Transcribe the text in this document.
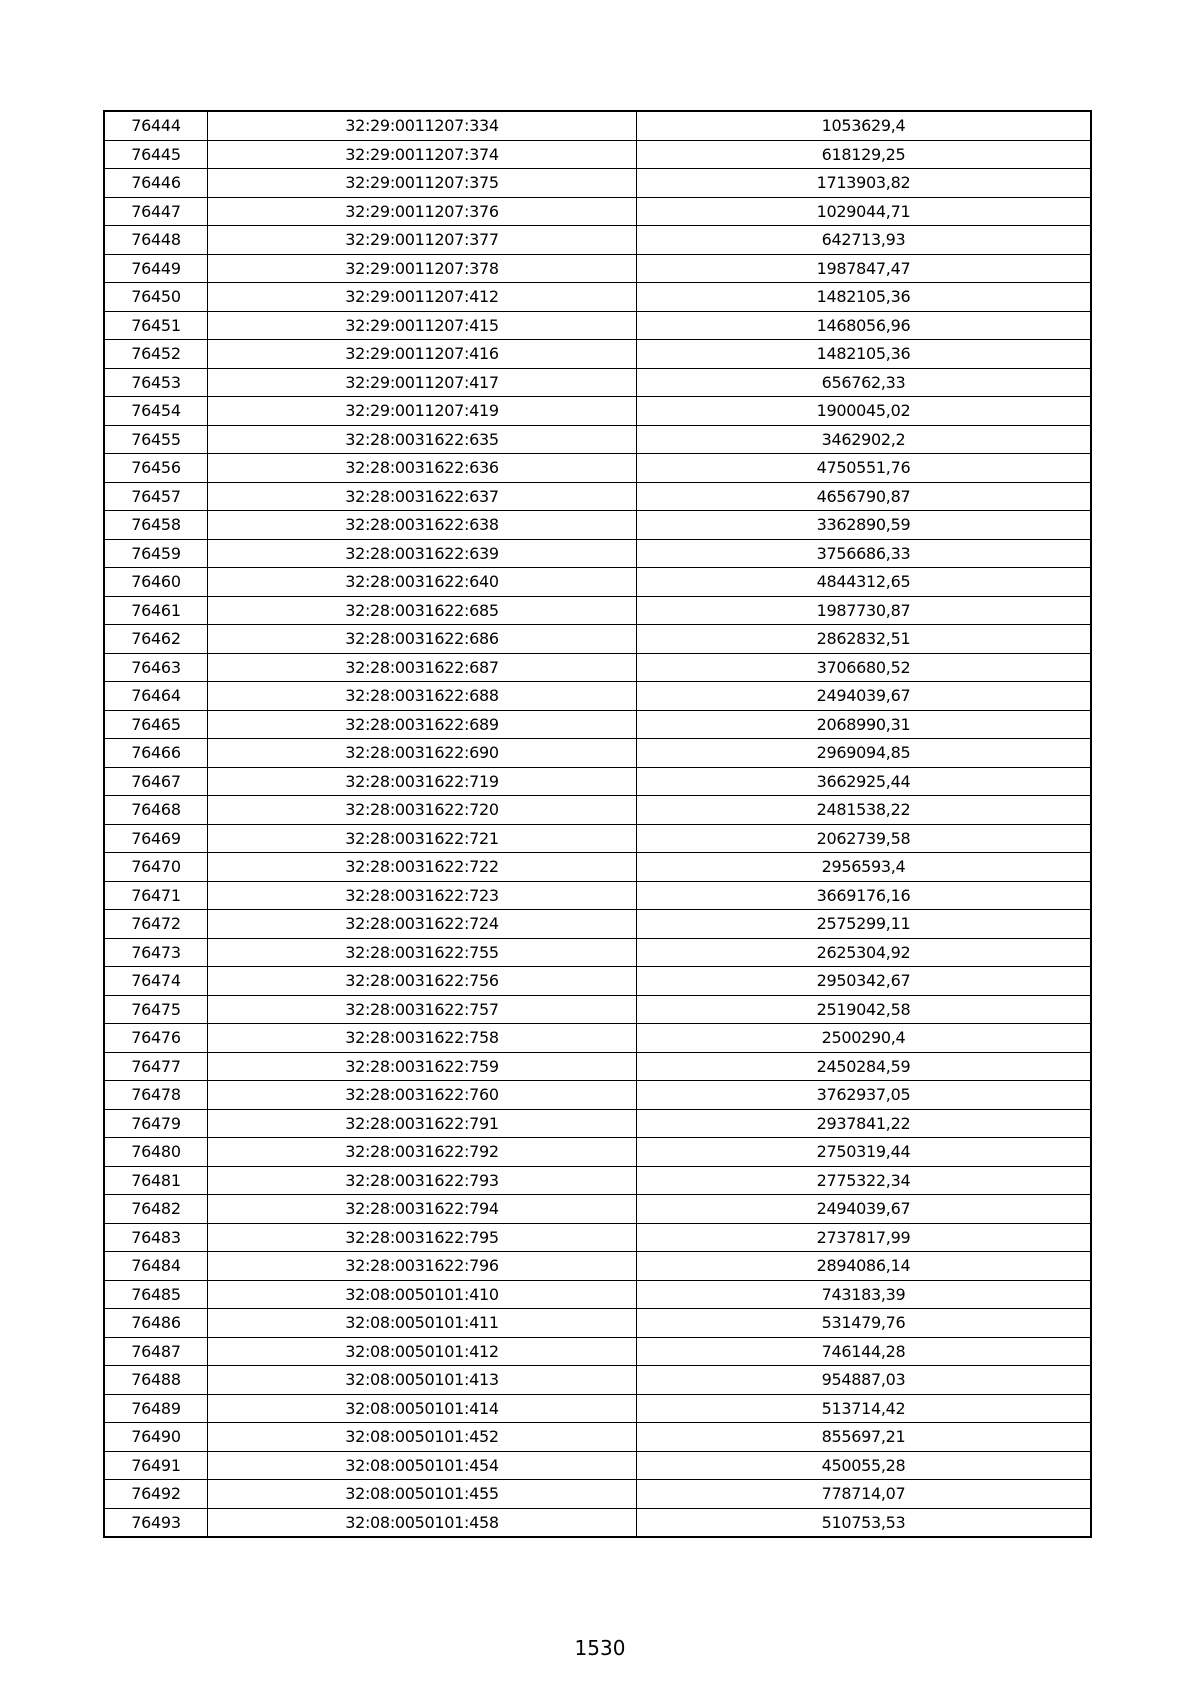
76444	32:29:0011207:334	1053629,4
76445	32:29:0011207:374	618129,25
76446	32:29:0011207:375	1713903,82
76447	32:29:0011207:376	1029044,71
76448	32:29:0011207:377	642713,93
76449	32:29:0011207:378	1987847,47
76450	32:29:0011207:412	1482105,36
76451	32:29:0011207:415	1468056,96
76452	32:29:0011207:416	1482105,36
76453	32:29:0011207:417	656762,33
76454	32:29:0011207:419	1900045,02
76455	32:28:0031622:635	3462902,2
76456	32:28:0031622:636	4750551,76
76457	32:28:0031622:637	4656790,87
76458	32:28:0031622:638	3362890,59
76459	32:28:0031622:639	3756686,33
76460	32:28:0031622:640	4844312,65
76461	32:28:0031622:685	1987730,87
76462	32:28:0031622:686	2862832,51
76463	32:28:0031622:687	3706680,52
76464	32:28:0031622:688	2494039,67
76465	32:28:0031622:689	2068990,31
76466	32:28:0031622:690	2969094,85
76467	32:28:0031622:719	3662925,44
76468	32:28:0031622:720	2481538,22
76469	32:28:0031622:721	2062739,58
76470	32:28:0031622:722	2956593,4
76471	32:28:0031622:723	3669176,16
76472	32:28:0031622:724	2575299,11
76473	32:28:0031622:755	2625304,92
76474	32:28:0031622:756	2950342,67
76475	32:28:0031622:757	2519042,58
76476	32:28:0031622:758	2500290,4
76477	32:28:0031622:759	2450284,59
76478	32:28:0031622:760	3762937,05
76479	32:28:0031622:791	2937841,22
76480	32:28:0031622:792	2750319,44
76481	32:28:0031622:793	2775322,34
76482	32:28:0031622:794	2494039,67
76483	32:28:0031622:795	2737817,99
76484	32:28:0031622:796	2894086,14
76485	32:08:0050101:410	743183,39
76486	32:08:0050101:411	531479,76
76487	32:08:0050101:412	746144,28
76488	32:08:0050101:413	954887,03
76489	32:08:0050101:414	513714,42
76490	32:08:0050101:452	855697,21
76491	32:08:0050101:454	450055,28
76492	32:08:0050101:455	778714,07
76493	32:08:0050101:458	510753,53
1530
